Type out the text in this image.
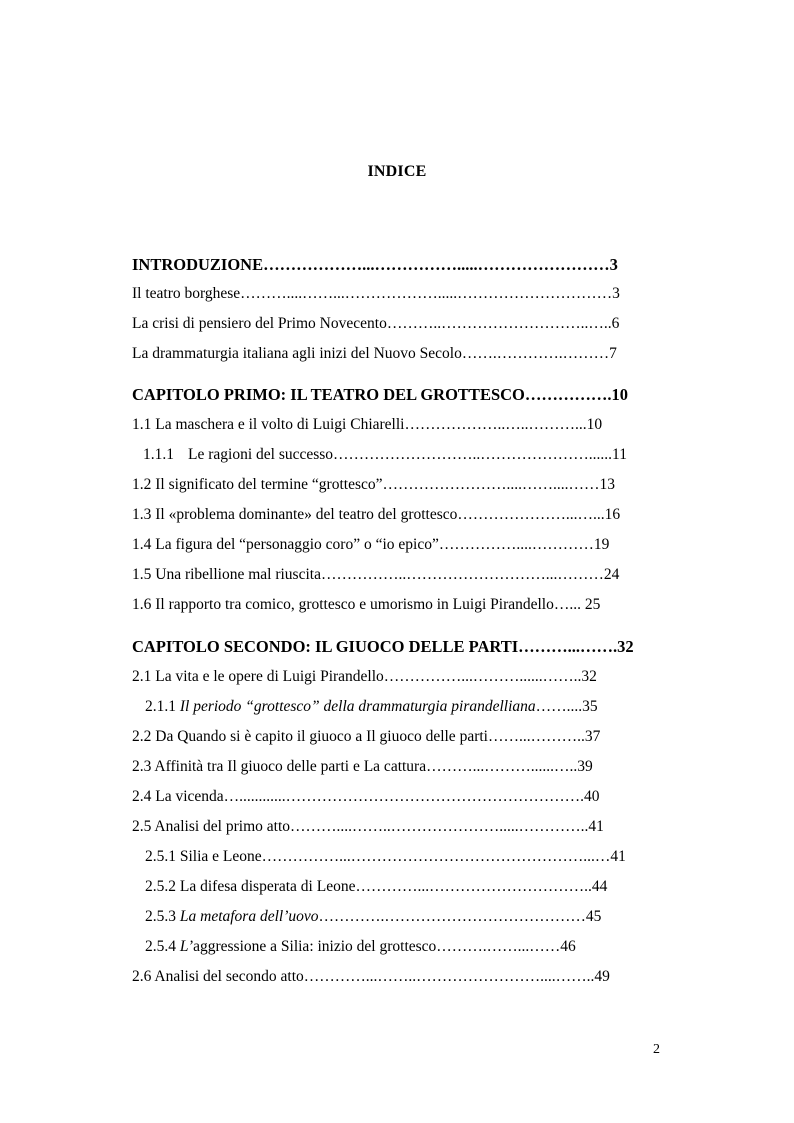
INDICE
INTRODUZIONE………………...…………….....……………………3
Il teatro borghese………....……...……………….....…………………………3
La crisi di pensiero del Primo Novecento………..………………………..…..6
La drammaturgia italiana agli inizi del Nuovo Secolo…….………….………7
CAPITOLO PRIMO: IL TEATRO DEL GROTTESCO…………….10
1.1 La maschera e il volto di Luigi Chiarelli………………..…..………...10
1.1.1 Le ragioni del successo………………………..…………………......11
1.2 Il significato del termine “grottesco”……………………....……....……13
1.3 Il «problema dominante» del teatro del grottesco…………………...…...16
1.4 La figura del “personaggio coro” o “io epico”……………....…………19
1.5 Una ribellione mal riuscita……………..………………………...………24
1.6 Il rapporto tra comico, grottesco e umorismo in Luigi Pirandello…... 25
CAPITOLO SECONDO: IL GIUOCO DELLE PARTI………...…….32
2.1 La vita e le opere di Luigi Pirandello……………...………......……..32
2.1.1 Il periodo “grottesco” della drammaturgia pirandelliana……....35
2.2 Da Quando si è capito il giuoco a Il giuoco delle parti……...………..37
2.3 Affinità tra Il giuoco delle parti e La cattura………...………......…..39
2.4 La vicenda…............………………………………………………….40
2.5 Analisi del primo atto………....……..………………….....…………..41
2.5.1 Silia e Leone……………...………………………………………...…41
2.5.2 La difesa disperata di Leone…………...…………………………..44
2.5.3 La metafora dell’uovo………….…………………………………45
2.5.4 L’aggressione a Silia: inizio del grottesco……….……...……46
2.6 Analisi del secondo atto…………...……..……………………....……..49
2
